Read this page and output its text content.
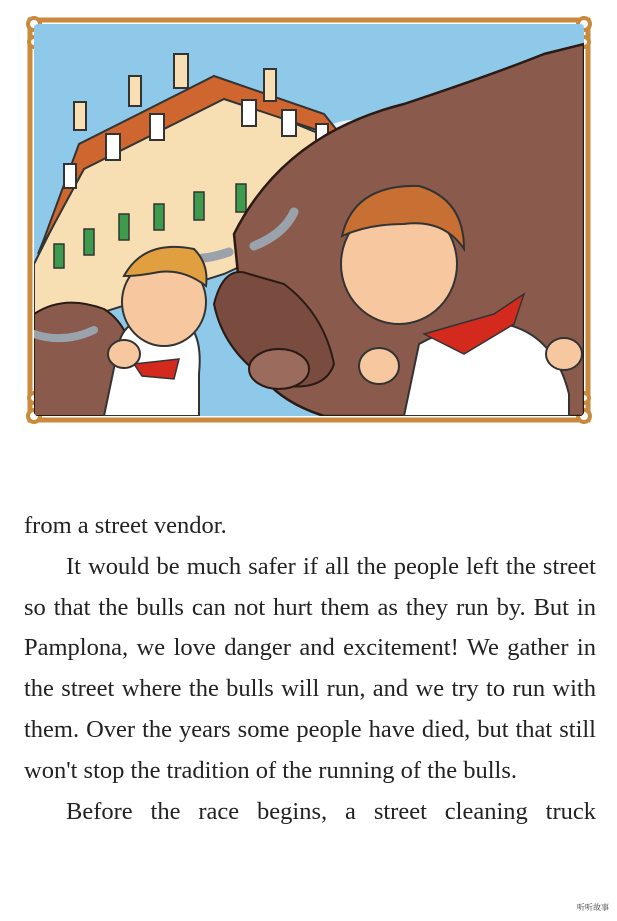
from a street vendor.

It would be much safer if all the people left the street so that the bulls can not hurt them as they run by. But in Pamplona, we love danger and excitement! We gather in the street where the bulls will run, and we try to run with them. Over the years some people have died, but that still won't stop the tradition of the running of the bulls.

Before the race begins, a street cleaning truck

听听故事
